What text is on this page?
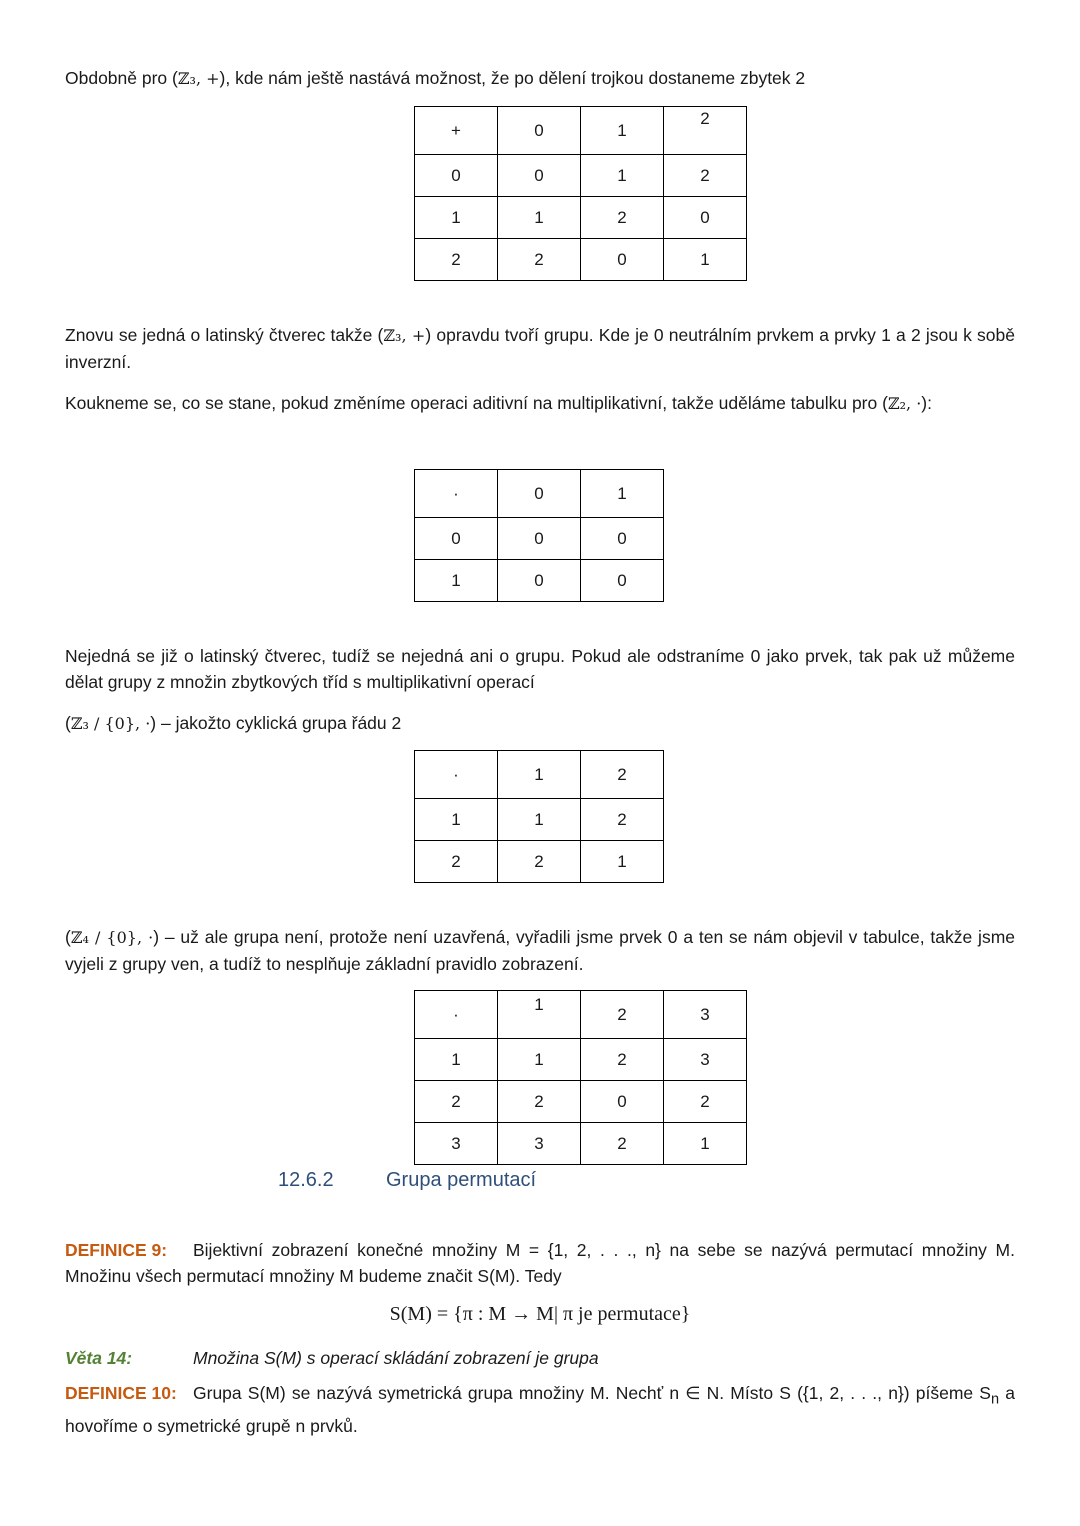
Obdobně pro (ℤ₃, +), kde nám ještě nastává možnost, že po dělení trojkou dostaneme zbytek 2

+	0	1	2
0	0	1	2
1	1	2	0
2	2	0	1

Znovu se jedná o latinský čtverec takže (ℤ₃, +) opravdu tvoří grupu. Kde je 0 neutrálním prvkem a prvky 1 a 2 jsou k sobě inverzní.

Koukneme se, co se stane, pokud změníme operaci aditivní na multiplikativní, takže uděláme tabulku pro (ℤ₂, ·):

·	0	1
0	0	0
1	0	0

Nejedná se již o latinský čtverec, tudíž se nejedná ani o grupu. Pokud ale odstraníme 0 jako prvek, tak pak už můžeme dělat grupy z množin zbytkových tříd s multiplikativní operací

(ℤ₃ / {0}, ·) – jakožto cyklická grupa řádu 2

·	1	2
1	1	2
2	2	1

(ℤ₄ / {0}, ·) – už ale grupa není, protože není uzavřená, vyřadili jsme prvek 0 a ten se nám objevil v tabulce, takže jsme vyjeli z grupy ven, a tudíž to nesplňuje základní pravidlo zobrazení.

·	1	2	3
1	1	2	3
2	2	0	2
3	3	2	1
12.6.2	Grupa permutací

DEFINICE 9: Bijektivní zobrazení konečné množiny M = {1, 2, . . ., n} na sebe se nazývá permutací množiny M. Množinu všech permutací množiny M budeme značit S(M). Tedy

S(M) = {π : M → M| π je permutace}

Věta 14:	Množina S(M) s operací skládání zobrazení je grupa

DEFINICE 10: Grupa S(M) se nazývá symetrická grupa množiny M. Nechť n ∈ N. Místo S ({1, 2, . . ., n}) píšeme $S_n$ a hovoříme o symetrické grupě n prvků.
